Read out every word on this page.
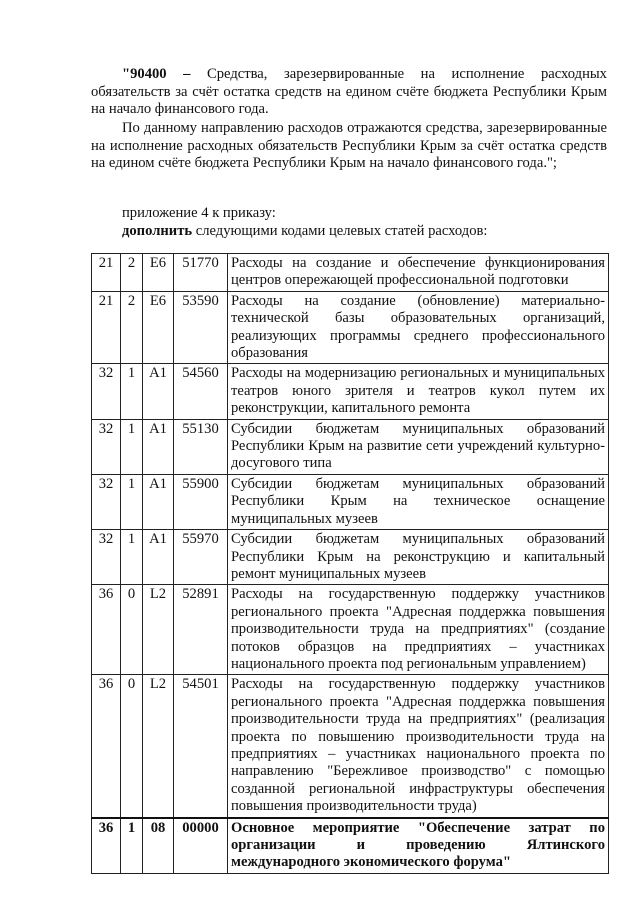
"90400 – Средства, зарезервированные на исполнение расходных обязательств за счёт остатка средств на едином счёте бюджета Республики Крым на начало финансового года.

По данному направлению расходов отражаются средства, зарезервированные на исполнение расходных обязательств Республики Крым за счёт остатка средств на едином счёте бюджета Республики Крым на начало финансового года.";

приложение 4 к приказу:

дополнить следующими кодами целевых статей расходов:

21	2	Е6	51770	Расходы на создание и обеспечение функционирования центров опережающей профессиональной подготовки
21	2	Е6	53590	Расходы на создание (обновление) материально-технической базы образовательных организаций, реализующих программы среднего профессионального образования
32	1	А1	54560	Расходы на модернизацию региональных и муниципальных театров юного зрителя и театров кукол путем их реконструкции, капитального ремонта
32	1	А1	55130	Субсидии бюджетам муниципальных образований Республики Крым на развитие сети учреждений культурно-досугового типа
32	1	А1	55900	Субсидии бюджетам муниципальных образований Республики Крым на техническое оснащение муниципальных музеев
32	1	А1	55970	Субсидии бюджетам муниципальных образований Республики Крым на реконструкцию и капитальный ремонт муниципальных музеев
36	0	L2	52891	Расходы на государственную поддержку участников регионального проекта "Адресная поддержка повышения производительности труда на предприятиях" (создание потоков образцов на предприятиях – участниках национального проекта под региональным управлением)
36	0	L2	54501	Расходы на государственную поддержку участников регионального проекта "Адресная поддержка повышения производительности труда на предприятиях" (реализация проекта по повышению производительности труда на предприятиях – участниках национального проекта по направлению "Бережливое производство" с помощью созданной региональной инфраструктуры обеспечения повышения производительности труда)
36	1	08	00000	Основное мероприятие "Обеспечение затрат по организации и проведению Ялтинского международного экономического форума"
